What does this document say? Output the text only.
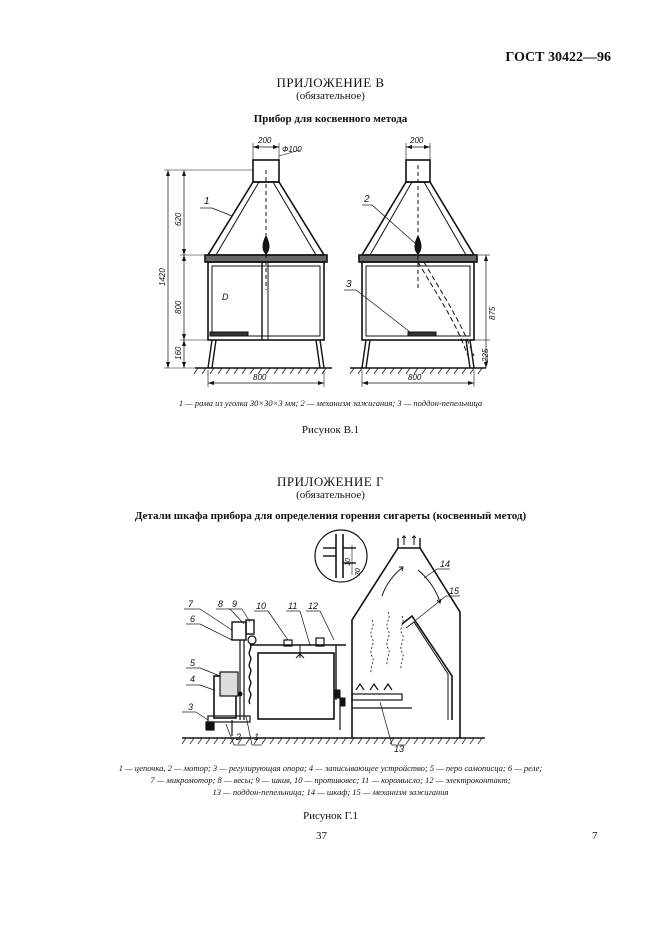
ГОСТ 30422—96
ПРИЛОЖЕНИЕ В
(обязательное)
Прибор для косвенного метода
200
Ф100
200
1420
620
800
160
800	800
875
225
D
1	2
3
1 — рама из уголка 30×30×3 мм; 2 — механизм зажигания; 3 — поддон-пепельница
Рисунок В.1
ПРИЛОЖЕНИЕ Г
(обязательное)
Детали шкафа прибора для определения горения сигареты (косвенный метод)
10
30
1
2
3
4
5
6
7	8 9 10 11 12
13
14
15
1 — цепочка, 2 — мотор; 3 — регулирующая опора; 4 — записывающее устройство; 5 — перо самописца; 6 — реле;
7 — микромотор; 8 — весы; 9 — шкив, 10 — противовес; 11 — коромысло; 12 — электроконтакт;
13 — поддон-пепельница; 14 — шкаф; 15 — механизм зажигания
Рисунок Г.1
37	7
